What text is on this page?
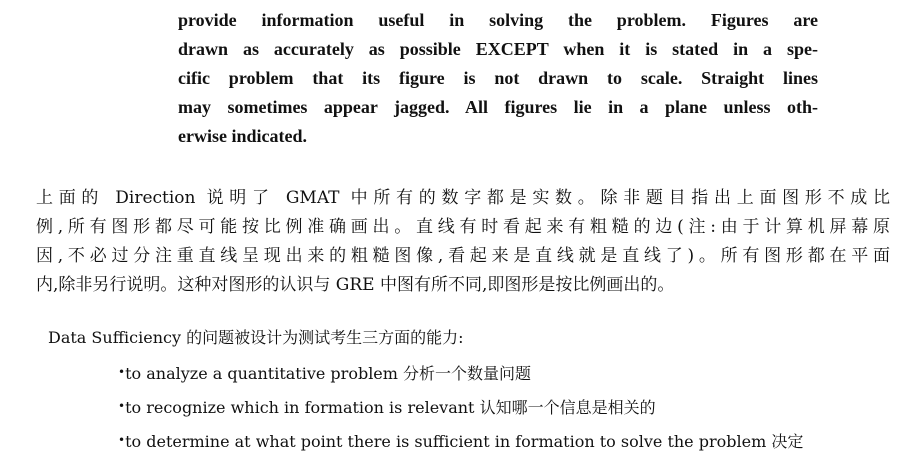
provide information useful in solving the problem. Figures are
drawn as accurately as possible EXCEPT when it is stated in a spe-
cific problem that its figure is not drawn to scale. Straight lines
may sometimes appear jagged. All figures lie in a plane unless oth-
erwise indicated.
上面的 Direction 说明了 GMAT 中所有的数字都是实数。除非题目指出上面图形不成比
例,所有图形都尽可能按比例准确画出。直线有时看起来有粗糙的边(注:由于计算机屏幕原
因,不必过分注重直线呈现出来的粗糙图像,看起来是直线就是直线了)。所有图形都在平面
内,除非另行说明。这种对图形的认识与 GRE 中图有所不同,即图形是按比例画出的。
Data Sufficiency 的问题被设计为测试考生三方面的能力:
•to analyze a quantitative problem 分析一个数量问题
•to recognize which in formation is relevant 认知哪一个信息是相关的
•to determine at what point there is sufficient in formation to solve the problem 决定
